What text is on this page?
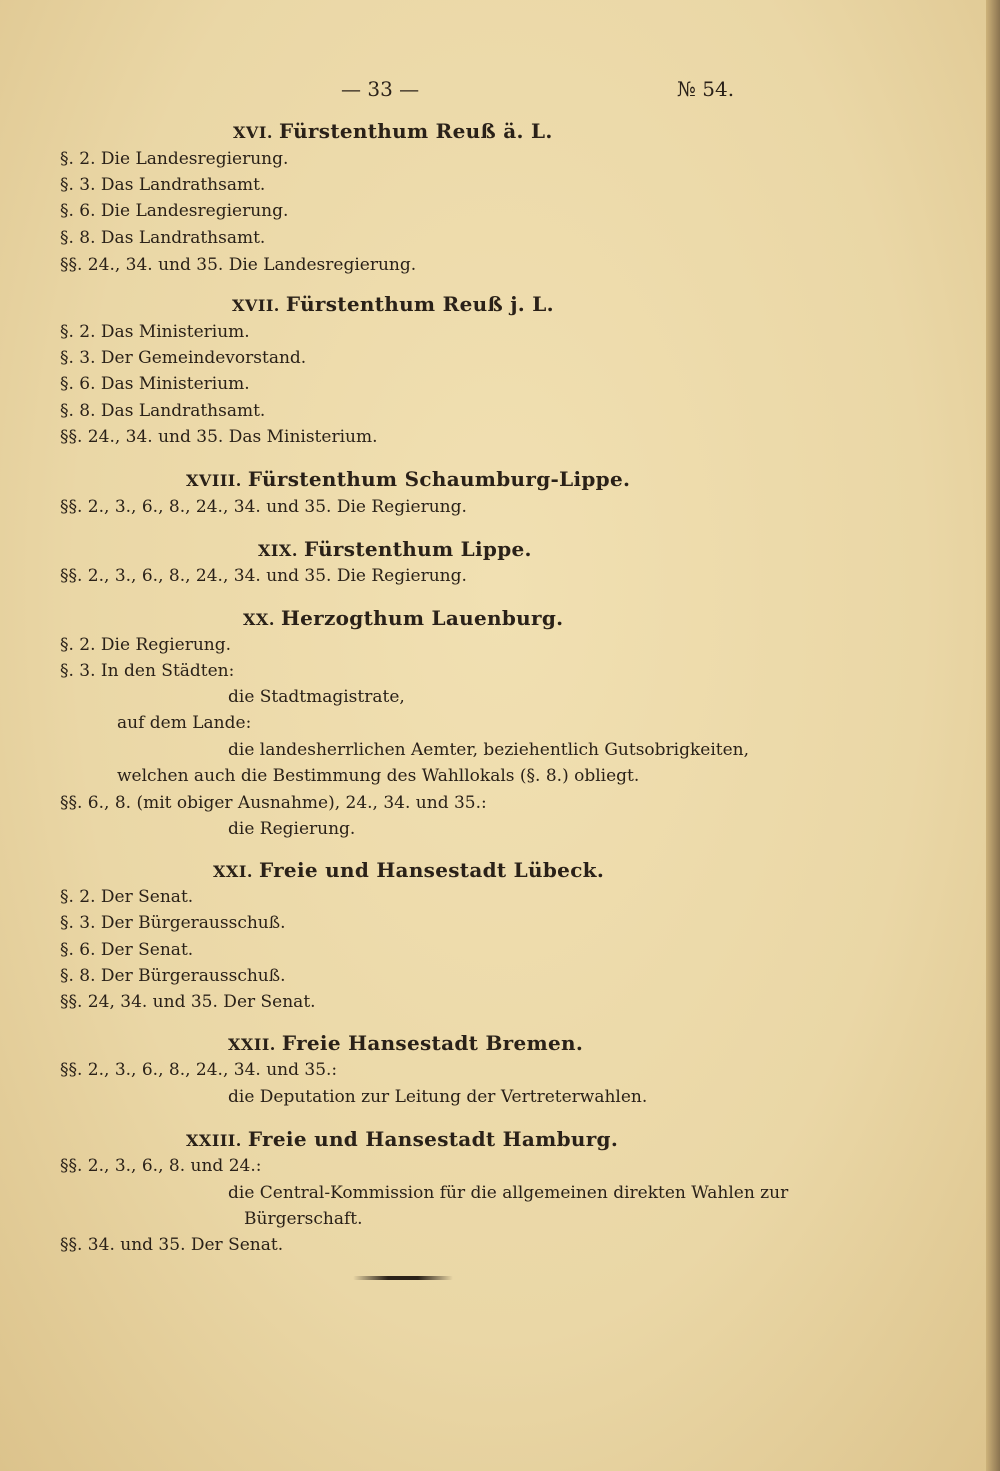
— 33 —	№ 54.
XVI. Fürstenthum Reuß ä. L.
§. 2. Die Landesregierung.
§. 3. Das Landrathsamt.
§. 6. Die Landesregierung.
§. 8. Das Landrathsamt.
§§. 24., 34. und 35. Die Landesregierung.
XVII. Fürstenthum Reuß j. L.
§. 2. Das Ministerium.
§. 3. Der Gemeindevorstand.
§. 6. Das Ministerium.
§. 8. Das Landrathsamt.
§§. 24., 34. und 35. Das Ministerium.
XVIII. Fürstenthum Schaumburg-Lippe.
§§. 2., 3., 6., 8., 24., 34. und 35. Die Regierung.
XIX. Fürstenthum Lippe.
§§. 2., 3., 6., 8., 24., 34. und 35. Die Regierung.
XX. Herzogthum Lauenburg.
§. 2. Die Regierung.
§. 3. In den Städten:
die Stadtmagistrate,
auf dem Lande:
die landesherrlichen Aemter, beziehentlich Gutsobrigkeiten,
welchen auch die Bestimmung des Wahllokals (§. 8.) obliegt.
§§. 6., 8. (mit obiger Ausnahme), 24., 34. und 35.:
die Regierung.
XXI. Freie und Hansestadt Lübeck.
§. 2. Der Senat.
§. 3. Der Bürgerausschuß.
§. 6. Der Senat.
§. 8. Der Bürgerausschuß.
§§. 24, 34. und 35. Der Senat.
XXII. Freie Hansestadt Bremen.
§§. 2., 3., 6., 8., 24., 34. und 35.:
die Deputation zur Leitung der Vertreterwahlen.
XXIII. Freie und Hansestadt Hamburg.
§§. 2., 3., 6., 8. und 24.:
die Central-Kommission für die allgemeinen direkten Wahlen zur
Bürgerschaft.
§§. 34. und 35. Der Senat.
